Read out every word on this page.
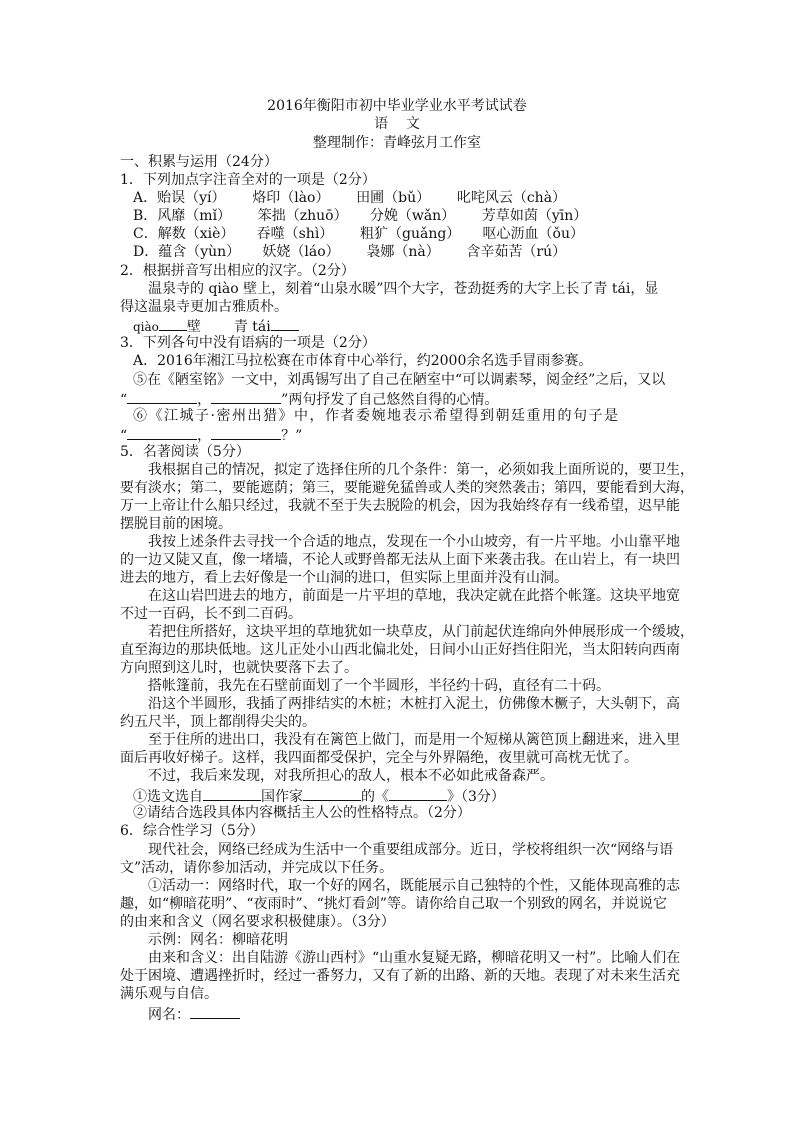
2016年衡阳市初中毕业学业水平考试试卷
语    文
整理制作：青峰弦月工作室
一、积累与运用（24分）
1．下列加点字注音全对的一项是（2分）
A．贻误（yí）      烙印（lào）      田圃（bǔ）      叱咤风云（chà）
B．风靡（mǐ）      笨拙（zhuō）     分娩（wǎn）      芳草如茵（yīn）
C．解数（xiè）     吞噬（shì）      粗犷（guǎng）     呕心沥血（ǒu）
D．蕴含（yùn）     妖娆（láo）      袅娜（nà）      含辛茹苦（rú）
2．根据拼音写出相应的汉字。（2分）
温泉寺的 qiào 壁上，刻着“山泉水暖”四个大字，苍劲挺秀的大字上长了青 tái，显
得这温泉寺更加古雅质朴。
qiào 壁 青 tái
3．下列各句中没有语病的一项是（2分）
A．2016年湘江马拉松赛在市体育中心举行，约2000余名选手冒雨参赛。
⑤在《陋室铭》一文中，刘禹锡写出了自己在陋室中“可以调素琴，阅金经”之后，又以
“	，	”两句抒发了自己悠然自得的心情。
⑥《江城子·密州出猎》中，作者委婉地表示希望得到朝廷重用的句子是
“	，	？”
5．名著阅读（5分）
我根据自己的情况，拟定了选择住所的几个条件：第一，必须如我上面所说的，要卫生，
要有淡水；第二，要能遮荫；第三，要能避免猛兽或人类的突然袭击；第四，要能看到大海，
万一上帝让什么船只经过，我就不至于失去脱险的机会，因为我始终存有一线希望，迟早能
摆脱目前的困境。
我按上述条件去寻找一个合适的地点，发现在一个小山坡旁，有一片平地。小山靠平地
的一边又陡又直，像一堵墙，不论人或野兽都无法从上面下来袭击我。在山岩上，有一块凹
进去的地方，看上去好像是一个山洞的进口，但实际上里面并没有山洞。
在这山岩凹进去的地方，前面是一片平坦的草地，我决定就在此搭个帐篷。这块平地宽
不过一百码，长不到二百码。
若把住所搭好，这块平坦的草地犹如一块草皮，从门前起伏连绵向外伸展形成一个缓坡，
直至海边的那块低地。这儿正处小山西北偏北处，日间小山正好挡住阳光，当太阳转向西南
方向照到这儿时，也就快要落下去了。
搭帐篷前，我先在石壁前面划了一个半圆形，半径约十码，直径有二十码。
沿这个半圆形，我插了两排结实的木桩；木桩打入泥土，仿佛像木橛子，大头朝下，高
约五尺半，顶上都削得尖尖的。
至于住所的进出口，我没有在篱笆上做门，而是用一个短梯从篱笆顶上翻进来，进入里
面后再收好梯子。这样，我四面都受保护，完全与外界隔绝，夜里就可高枕无忧了。
不过，我后来发现，对我所担心的敌人，根本不必如此戒备森严。
①选文选自	国作家	的《	》（3分）
②请结合选段具体内容概括主人公的性格特点。（2分）
6．综合性学习（5分）
现代社会，网络已经成为生活中一个重要组成部分。近日，学校将组织一次“网络与语
文”活动，请你参加活动，并完成以下任务。
①活动一：网络时代，取一个好的网名，既能展示自己独特的个性，又能体现高雅的志
趣，如“柳暗花明”、“夜雨时”、“挑灯看剑”等。请你给自己取一个别致的网名，并说说它
的由来和含义（网名要求积极健康）。（3分）
示例：网名：柳暗花明
由来和含义：出自陆游《游山西村》“山重水复疑无路，柳暗花明又一村”。比喻人们在
处于困境、遭遇挫折时，经过一番努力，又有了新的出路、新的天地。表现了对未来生活充
满乐观与自信。
网名：
